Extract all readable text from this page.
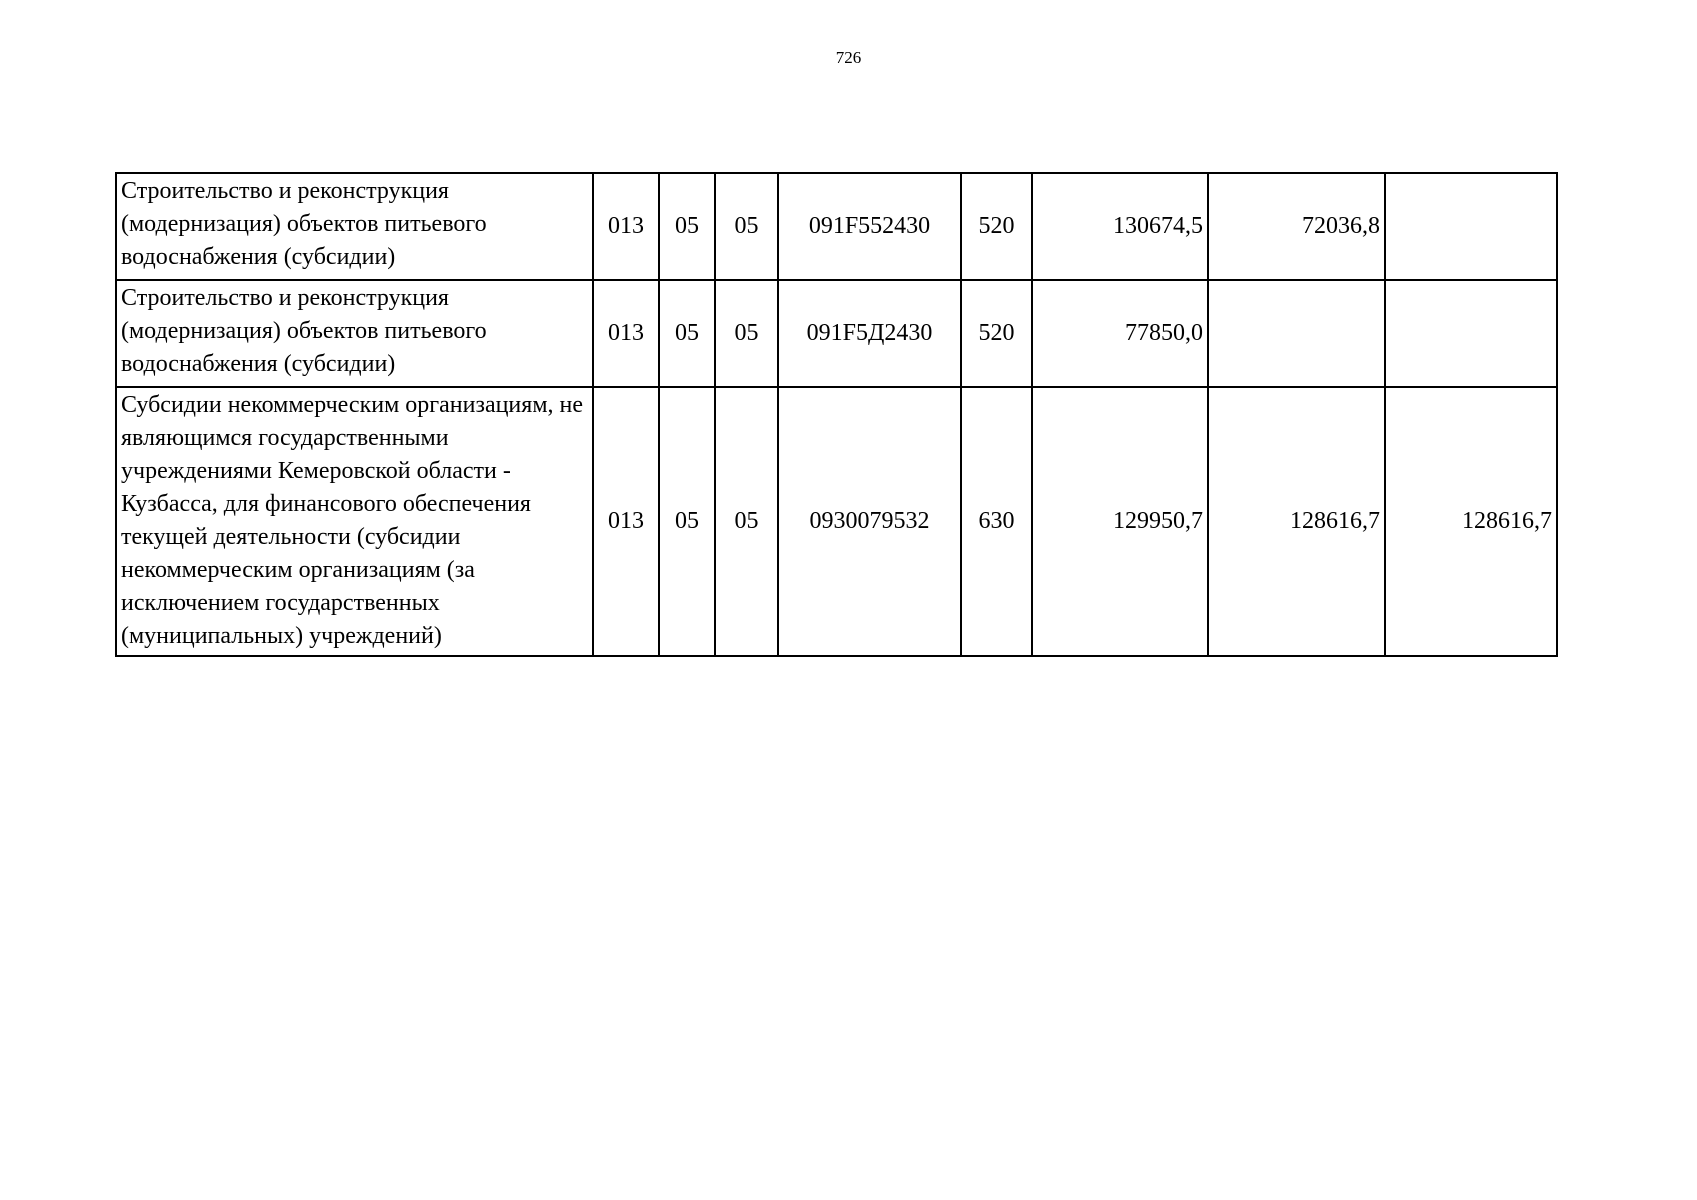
726
Строительство и реконструкция (модернизация) объектов питьевого водоснабжения (субсидии)	013	05	05	091F552430	520	130674,5	72036,8	
Строительство и реконструкция (модернизация) объектов питьевого водоснабжения (субсидии)	013	05	05	091F5Д2430	520	77850,0		
Субсидии некоммерческим организациям, не являющимся государственными учреждениями Кемеровской области - Кузбасса, для финансового обеспечения текущей деятельности (субсидии некоммерческим организациям (за исключением государственных (муниципальных) учреждений)	013	05	05	0930079532	630	129950,7	128616,7	128616,7
